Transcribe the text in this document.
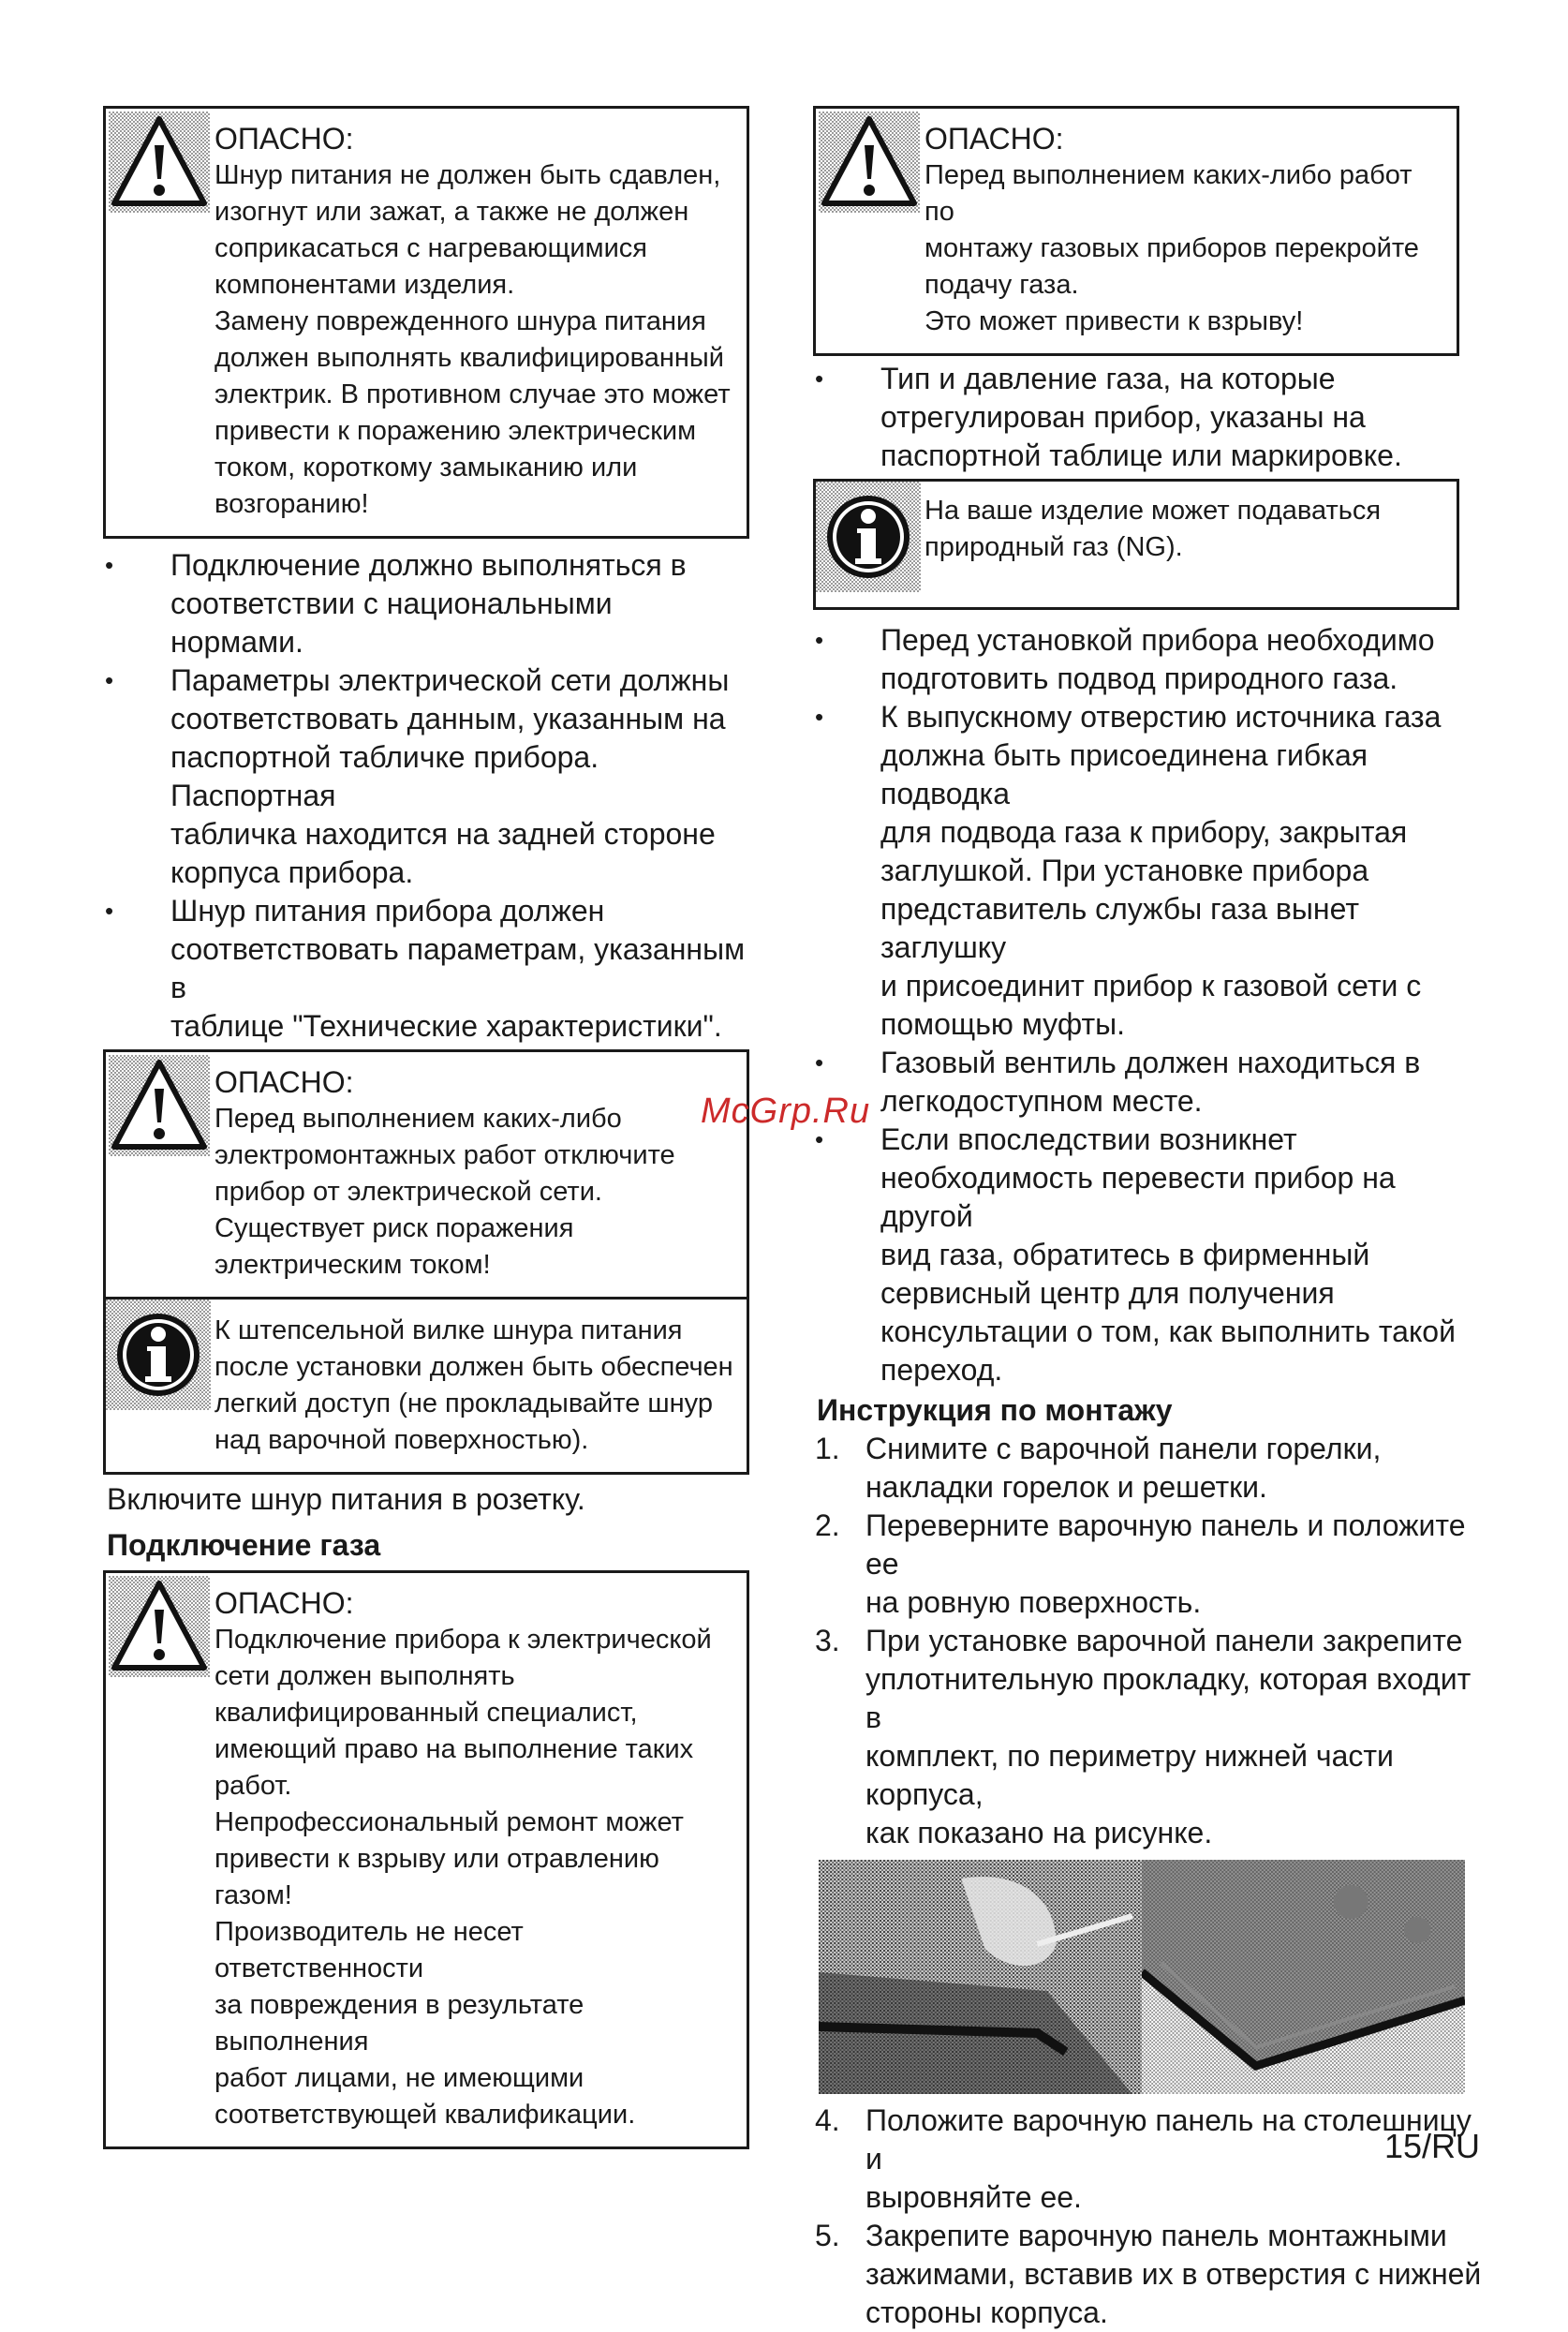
ОПАСНО:
Шнур питания не должен быть сдавлен,
изогнут или зажат, а также не должен
соприкасаться с нагревающимися
компонентами изделия.
Замену поврежденного шнура питания
должен выполнять квалифицированный
электрик. В противном случае это может
привести к поражению электрическим
током, короткому замыканию или
возгоранию!
• Подключение должно выполняться в
соответствии с национальными нормами.
• Параметры электрической сети должны
соответствовать данным, указанным на
паспортной табличке прибора. Паспортная
табличка находится на задней стороне
корпуса прибора.
• Шнур питания прибора должен
соответствовать параметрам, указанным в
таблице "Технические характеристики".
ОПАСНО:
Перед выполнением каких-либо
электромонтажных работ отключите
прибор от электрической сети.
Существует риск поражения
электрическим током!
К штепсельной вилке шнура питания
после установки должен быть обеспечен
легкий доступ (не прокладывайте шнур
над варочной поверхностью).
Включите шнур питания в розетку.
Подключение газа
ОПАСНО:
Подключение прибора к электрической
сети должен выполнять
квалифицированный специалист,
имеющий право на выполнение таких
работ.
Непрофессиональный ремонт может
привести к взрыву или отравлению газом!
Производитель не несет ответственности
за повреждения в результате выполнения
работ лицами, не имеющими
соответствующей квалификации.
ОПАСНО:
Перед выполнением каких-либо работ по
монтажу газовых приборов перекройте
подачу газа.
Это может привести к взрыву!
• Тип и давление газа, на которые
отрегулирован прибор, указаны на
паспортной таблице или маркировке.
На ваше изделие может подаваться
природный газ (NG).
• Перед установкой прибора необходимо
подготовить подвод природного газа.
• К выпускному отверстию источника газа
должна быть присоединена гибкая подводка
для подвода газа к прибору, закрытая
заглушкой. При установке прибора
представитель службы газа вынет заглушку
и присоединит прибор к газовой сети с
помощью муфты.
• Газовый вентиль должен находиться в
легкодоступном месте.
• Если впоследствии возникнет
необходимость перевести прибор на другой
вид газа, обратитесь в фирменный
сервисный центр для получения
консультации о том, как выполнить такой
переход.
Инструкция по монтажу
1. Снимите с варочной панели горелки,
накладки горелок и решетки.
2. Переверните варочную панель и положите ее
на ровную поверхность.
3. При установке варочной панели закрепите
уплотнительную прокладку, которая входит в
комплект, по периметру нижней части корпуса,
как показано на рисунке.
4. Положите варочную панель на столешницу и
выровняйте ее.
5. Закрепите варочную панель монтажными
зажимами, вставив их в отверстия с нижней
стороны корпуса.
McGrp.Ru
15/RU
